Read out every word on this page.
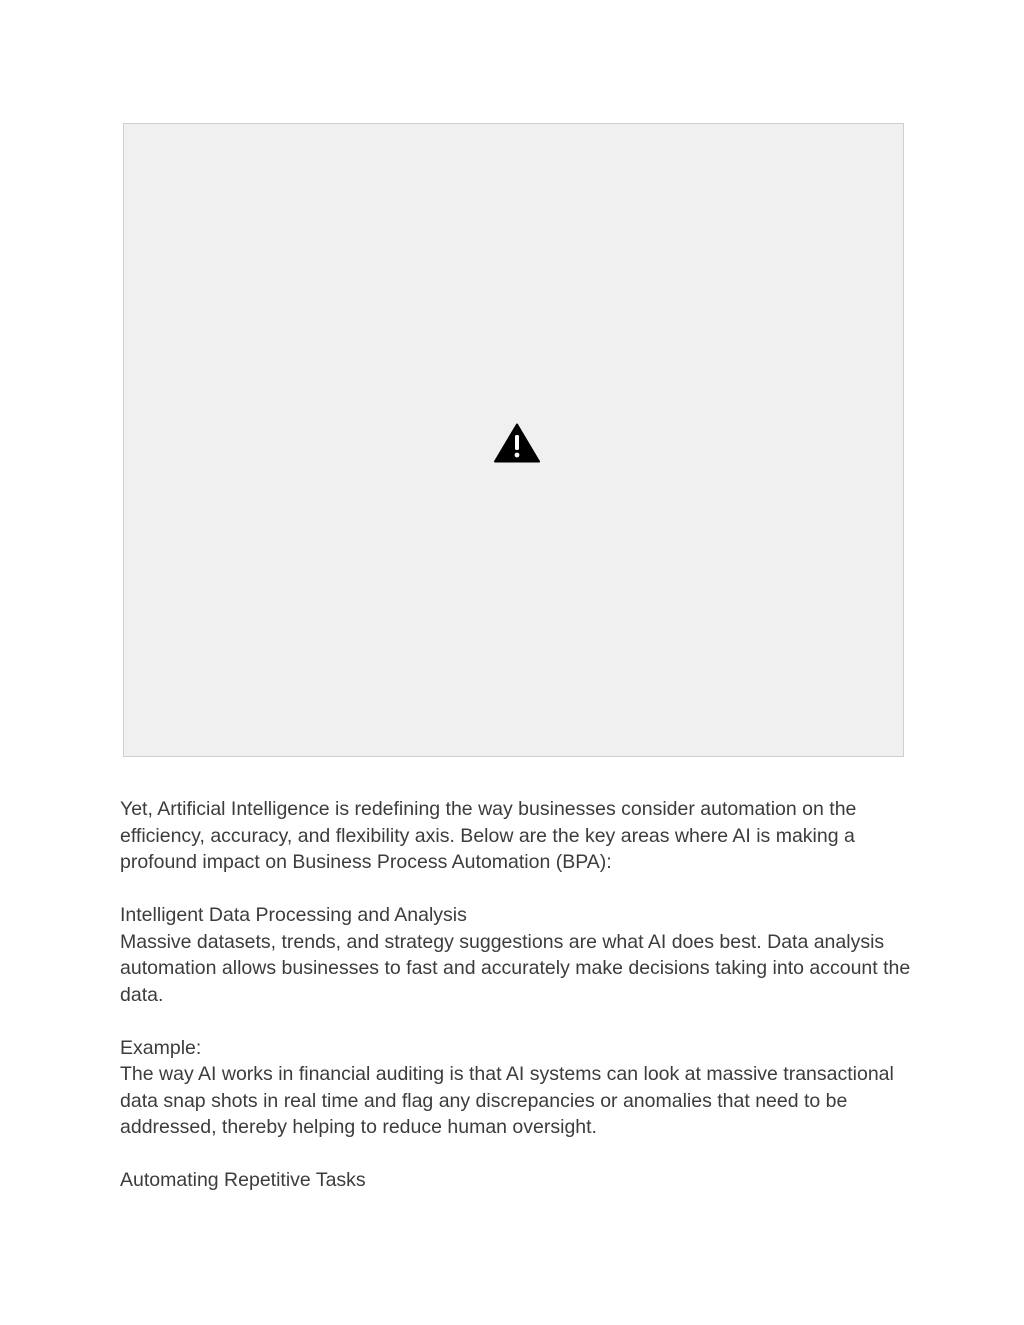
Yet, Artificial Intelligence is redefining the way businesses consider automation on the efficiency, accuracy, and flexibility axis. Below are the key areas where AI is making a profound impact on Business Process Automation (BPA):

Intelligent Data Processing and Analysis

Massive datasets, trends, and strategy suggestions are what AI does best. Data analysis automation allows businesses to fast and accurately make decisions taking into account the data.

Example:

The way AI works in financial auditing is that AI systems can look at massive transactional data snap shots in real time and flag any discrepancies or anomalies that need to be addressed, thereby helping to reduce human oversight.

Automating Repetitive Tasks
